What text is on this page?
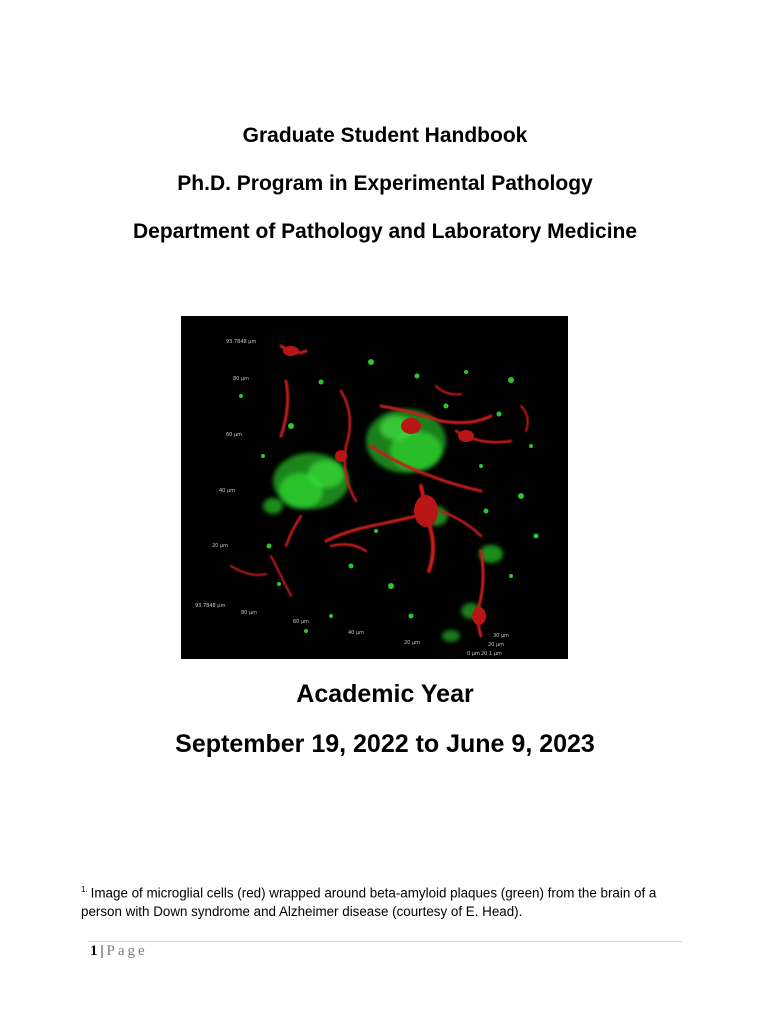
Graduate Student Handbook
Ph.D. Program in Experimental Pathology
Department of Pathology and Laboratory Medicine
93.7848 µm
80 µm
60 µm
40 µm
20 µm
93.7848 µm
80 µm
60 µm
40 µm
20 µm
0 µm
30 µm
20 µm
20.1 µm
Academic Year
September 19, 2022 to June 9, 2023
$^{1.}$ Image of microglial cells (red) wrapped around beta-amyloid plaques (green) from the brain of a person with Down syndrome and Alzheimer disease (courtesy of E. Head).
1 | Page
